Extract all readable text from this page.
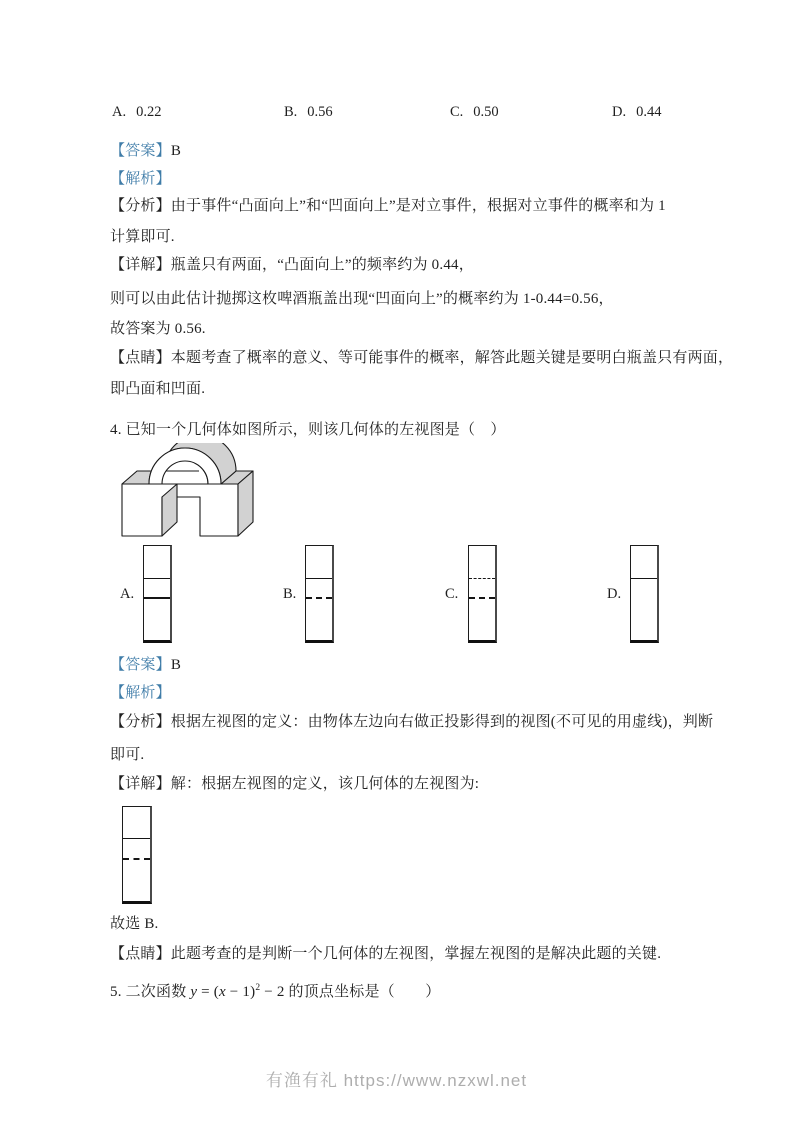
A. 0.22	B. 0.56	C. 0.50	D. 0.44
【答案】B
【解析】
【分析】由于事件“凸面向上”和“凹面向上”是对立事件，根据对立事件的概率和为 1
计算即可.
【详解】瓶盖只有两面，“凸面向上”的频率约为 0.44，
则可以由此估计抛掷这枚啤酒瓶盖出现“凹面向上”的概率约为 1-0.44=0.56，
故答案为 0.56.
【点睛】本题考查了概率的意义、等可能事件的概率，解答此题关键是要明白瓶盖只有两面，
即凸面和凹面.
4. 已知一个几何体如图所示，则该几何体的左视图是（　）
A.	B.	C.	D.
【答案】B
【解析】
【分析】根据左视图的定义：由物体左边向右做正投影得到的视图(不可见的用虚线)，判断
即可.
【详解】解：根据左视图的定义，该几何体的左视图为:
故选 B.
【点睛】此题考查的是判断一个几何体的左视图，掌握左视图的是解决此题的关键.
5. 二次函数 $y = (x - 1)^2 - 2$ 的顶点坐标是（　　）
有渔有礼 https://www.nzxwl.net
